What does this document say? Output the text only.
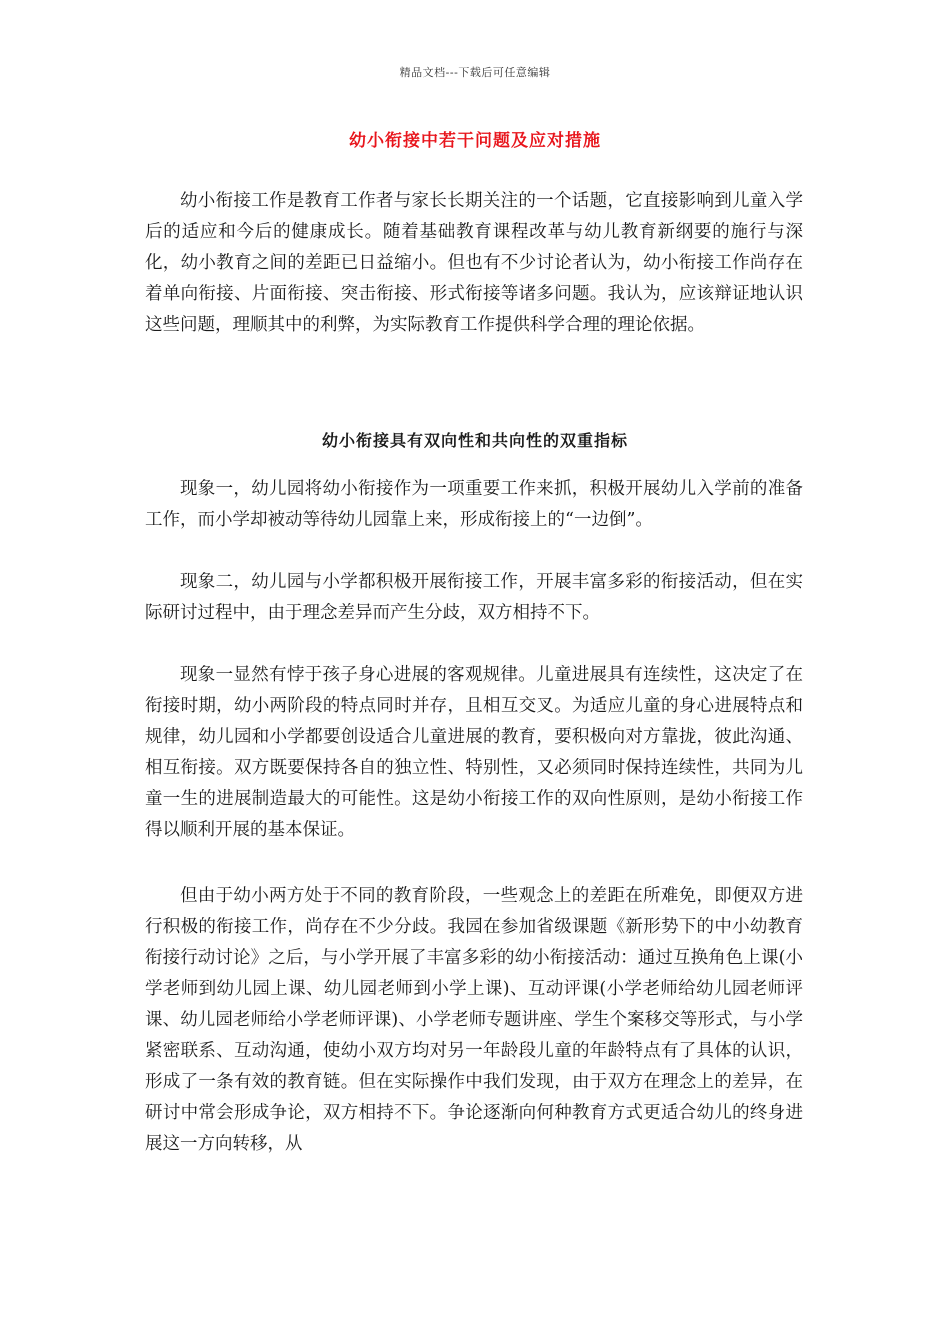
精品文档---下载后可任意编辑
幼小衔接中若干问题及应对措施

幼小衔接工作是教育工作者与家长长期关注的一个话题，它直接影响到儿童入学后的适应和今后的健康成长。随着基础教育课程改革与幼儿教育新纲要的施行与深化，幼小教育之间的差距已日益缩小。但也有不少讨论者认为，幼小衔接工作尚存在着单向衔接、片面衔接、突击衔接、形式衔接等诸多问题。我认为，应该辩证地认识这些问题，理顺其中的利弊，为实际教育工作提供科学合理的理论依据。

幼小衔接具有双向性和共向性的双重指标

现象一，幼儿园将幼小衔接作为一项重要工作来抓，积极开展幼儿入学前的准备工作，而小学却被动等待幼儿园靠上来，形成衔接上的“一边倒”。

现象二，幼儿园与小学都积极开展衔接工作，开展丰富多彩的衔接活动，但在实际研讨过程中，由于理念差异而产生分歧，双方相持不下。

现象一显然有悖于孩子身心进展的客观规律。儿童进展具有连续性，这决定了在衔接时期，幼小两阶段的特点同时并存，且相互交叉。为适应儿童的身心进展特点和规律，幼儿园和小学都要创设适合儿童进展的教育，要积极向对方靠拢，彼此沟通、相互衔接。双方既要保持各自的独立性、特别性，又必须同时保持连续性，共同为儿童一生的进展制造最大的可能性。这是幼小衔接工作的双向性原则，是幼小衔接工作得以顺利开展的基本保证。

但由于幼小两方处于不同的教育阶段，一些观念上的差距在所难免，即便双方进行积极的衔接工作，尚存在不少分歧。我园在参加省级课题《新形势下的中小幼教育衔接行动讨论》之后，与小学开展了丰富多彩的幼小衔接活动：通过互换角色上课(小学老师到幼儿园上课、幼儿园老师到小学上课)、互动评课(小学老师给幼儿园老师评课、幼儿园老师给小学老师评课)、小学老师专题讲座、学生个案移交等形式，与小学紧密联系、互动沟通，使幼小双方均对另一年龄段儿童的年龄特点有了具体的认识，形成了一条有效的教育链。但在实际操作中我们发现，由于双方在理念上的差异，在研讨中常会形成争论，双方相持不下。争论逐渐向何种教育方式更适合幼儿的终身进展这一方向转移，从
